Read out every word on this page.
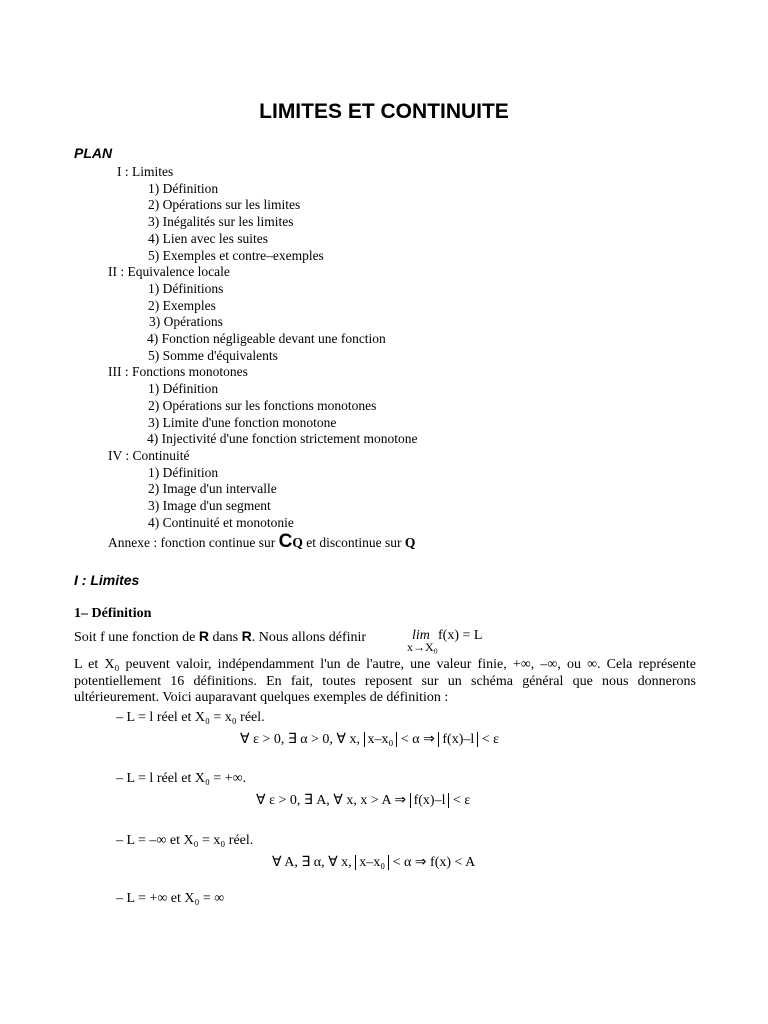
LIMITES ET CONTINUITE
PLAN
I : Limites
1) Définition
2) Opérations sur les limites
3) Inégalités sur les limites
4) Lien avec les suites
5) Exemples et contre–exemples
II : Equivalence locale
1) Définitions
2) Exemples
3) Opérations
4) Fonction négligeable devant une fonction
5) Somme d'équivalents
III : Fonctions monotones
1) Définition
2) Opérations sur les fonctions monotones
3) Limite d'une fonction monotone
4) Injectivité d'une fonction strictement monotone
IV : Continuité
1) Définition
2) Image d'un intervalle
3) Image d'un segment
4) Continuité et monotonie
Annexe : fonction continue sur CQ et discontinue sur Q
I : Limites
1– Définition
Soit f une fonction de R dans R. Nous allons définir	lim
x→X₀
f(x) = L
L et X₀ peuvent valoir, indépendamment l'un de l'autre, une valeur finie, +∞, –∞, ou ∞. Cela représente potentiellement 16 définitions. En fait, toutes reposent sur un schéma général que nous donnerons ultérieurement. Voici auparavant quelques exemples de définition :
– L = l réel et X₀ = x₀ réel.
∀ ε > 0, ∃ α > 0, ∀ x, x–x₀ < α ⇒ f(x)–l < ε
– L = l réel et X₀ = +∞.
∀ ε > 0, ∃ A, ∀ x, x > A ⇒ f(x)–l < ε
– L = –∞ et X₀ = x₀ réel.
∀ A, ∃ α, ∀ x, x–x₀ < α ⇒ f(x) < A
– L = +∞ et X₀ = ∞
